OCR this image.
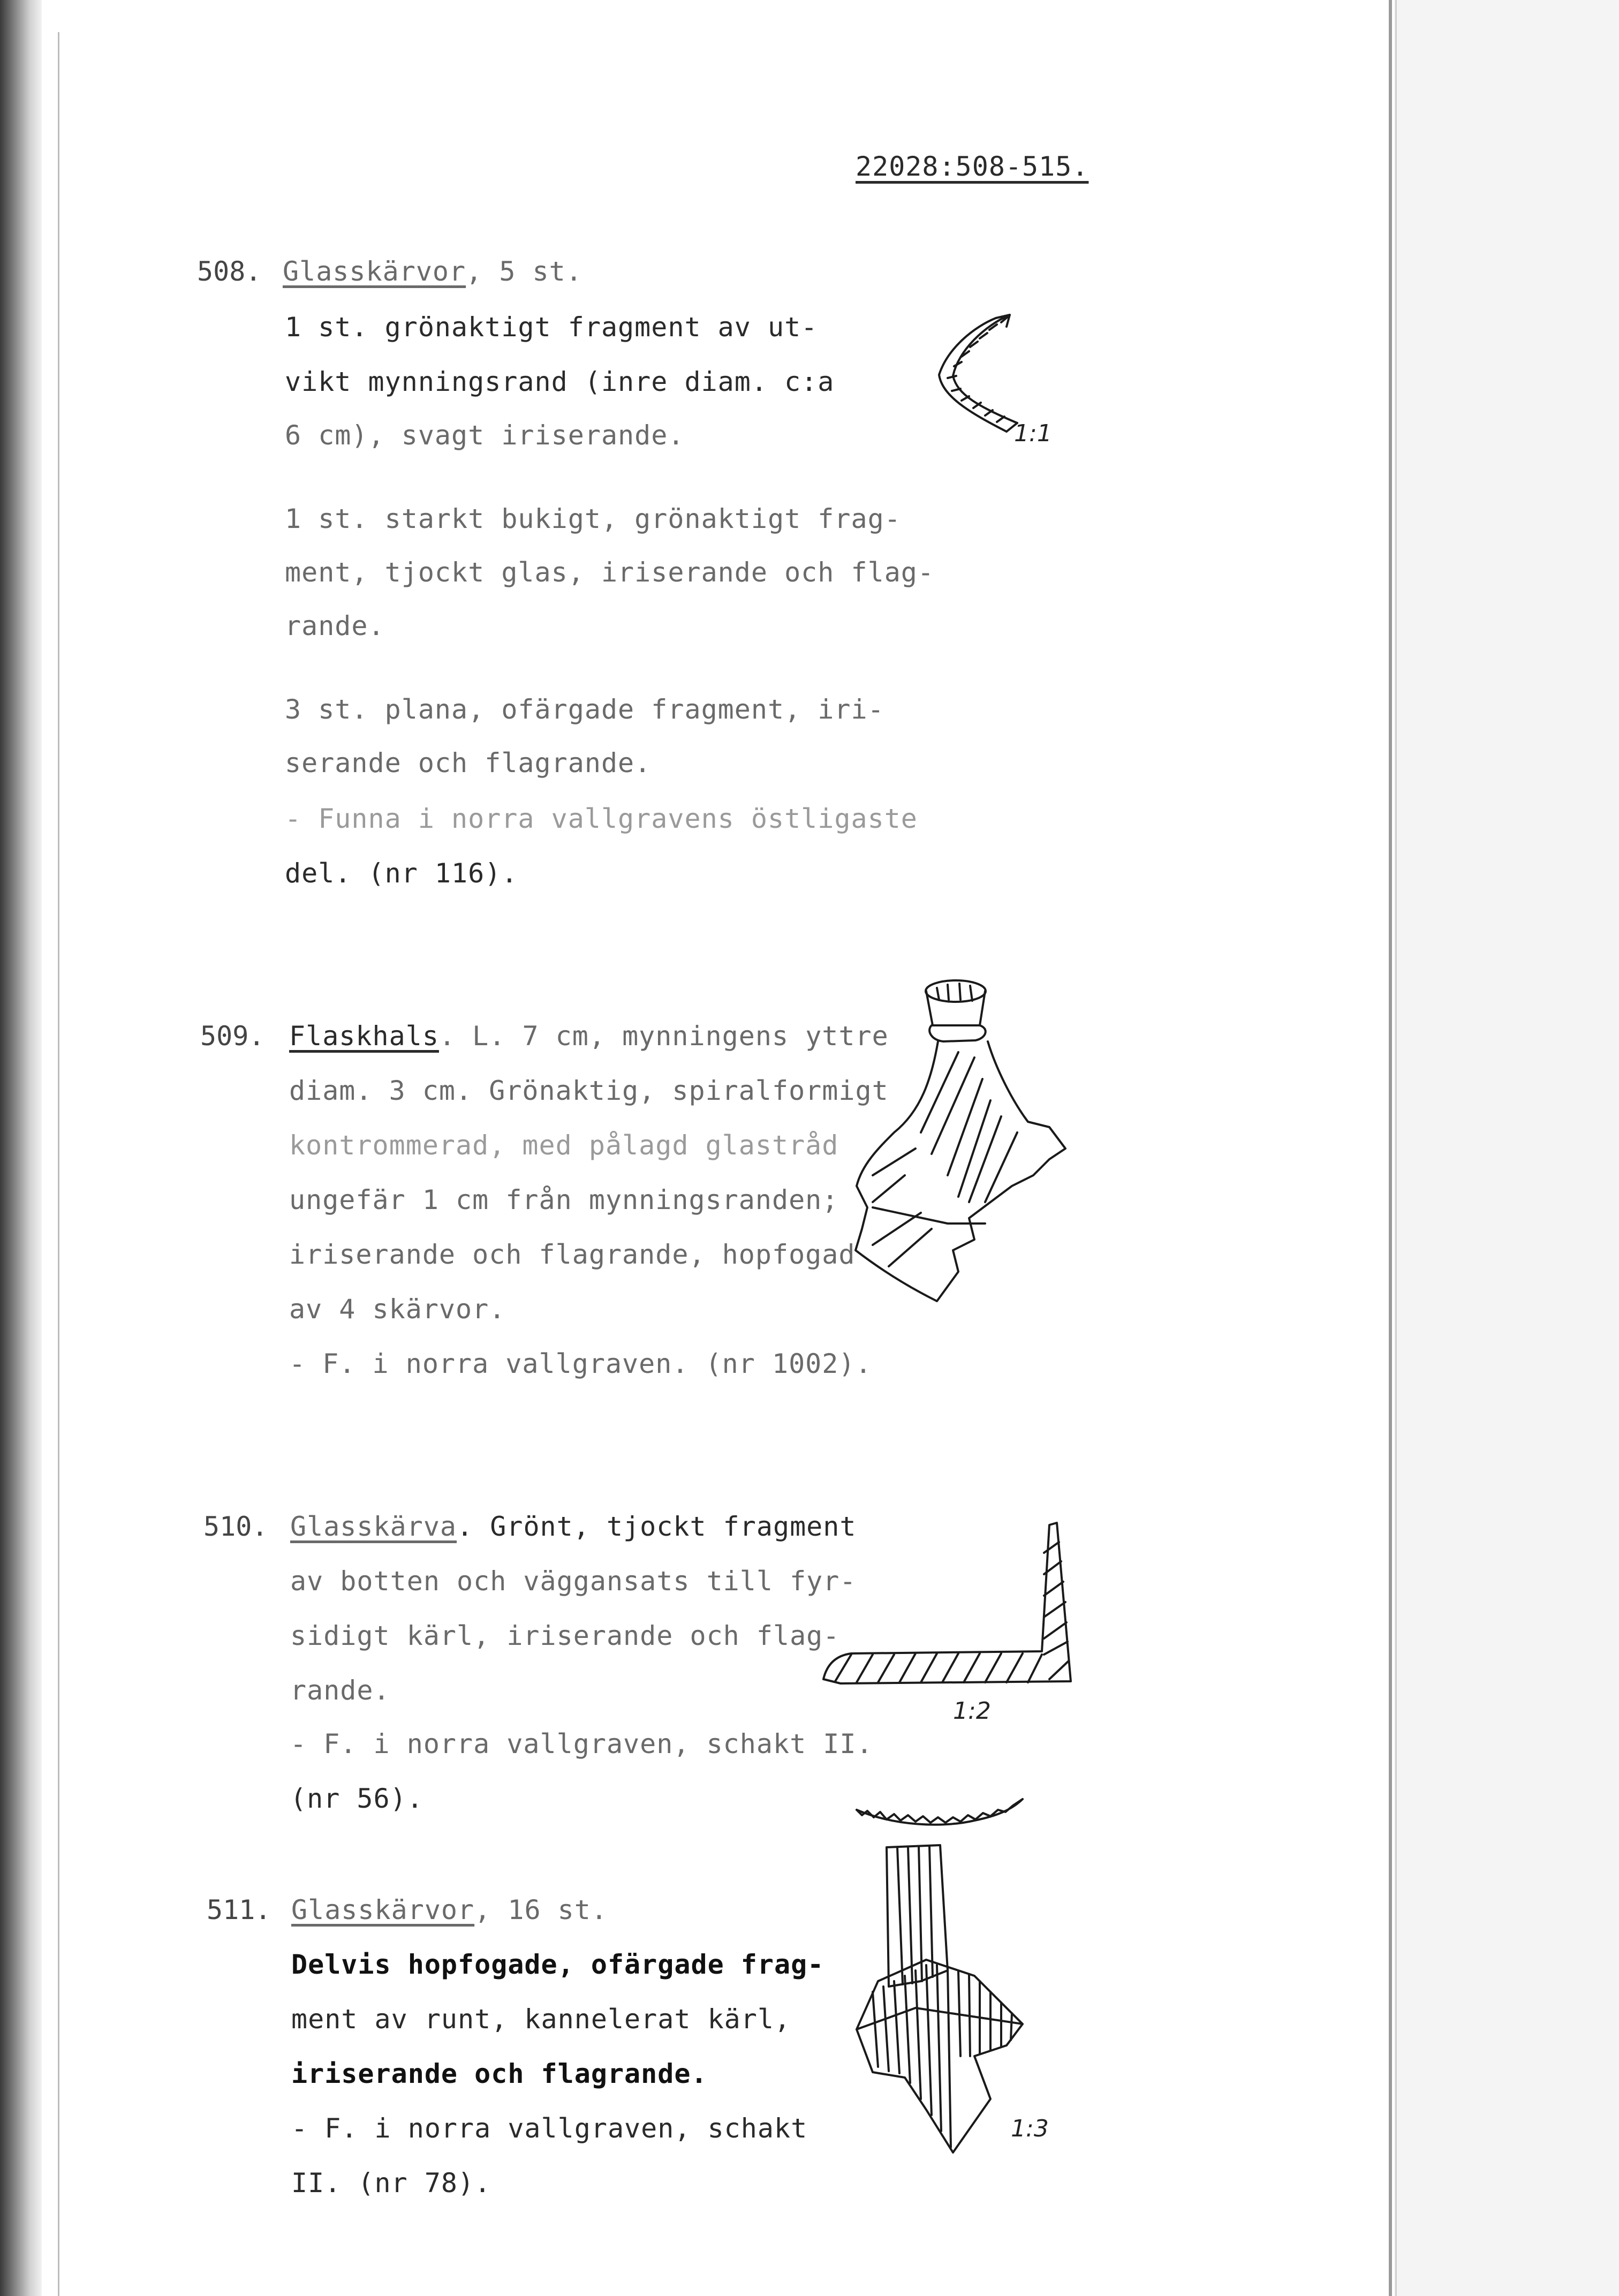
22028:508-515.
508. Glasskärvor, 5 st.
1 st. grönaktigt fragment av ut-
vikt mynningsrand (inre diam. c:a
6 cm), svagt iriserande.
1 st. starkt bukigt, grönaktigt frag-
ment, tjockt glas, iriserande och flag-
rande.
3 st. plana, ofärgade fragment, iri-
serande och flagrande.
- Funna i norra vallgravens östligaste
del. (nr 116).
1:1
509. Flaskhals. L. 7 cm, mynningens yttre
diam. 3 cm. Grönaktig, spiralformigt
kontrommerad, med pålagd glastråd
ungefär 1 cm från mynningsranden;
iriserande och flagrande, hopfogad
av 4 skärvor.
- F. i norra vallgraven. (nr 1002).
510. Glasskärva. Grönt, tjockt fragment
av botten och väggansats till fyr-
sidigt kärl, iriserande och flag-
rande.
- F. i norra vallgraven, schakt II.
(nr 56).
1:2
511. Glasskärvor, 16 st.
Delvis hopfogade, ofärgade frag-
ment av runt, kannelerat kärl,
iriserande och flagrande.
- F. i norra vallgraven, schakt
II. (nr 78).
1:3
